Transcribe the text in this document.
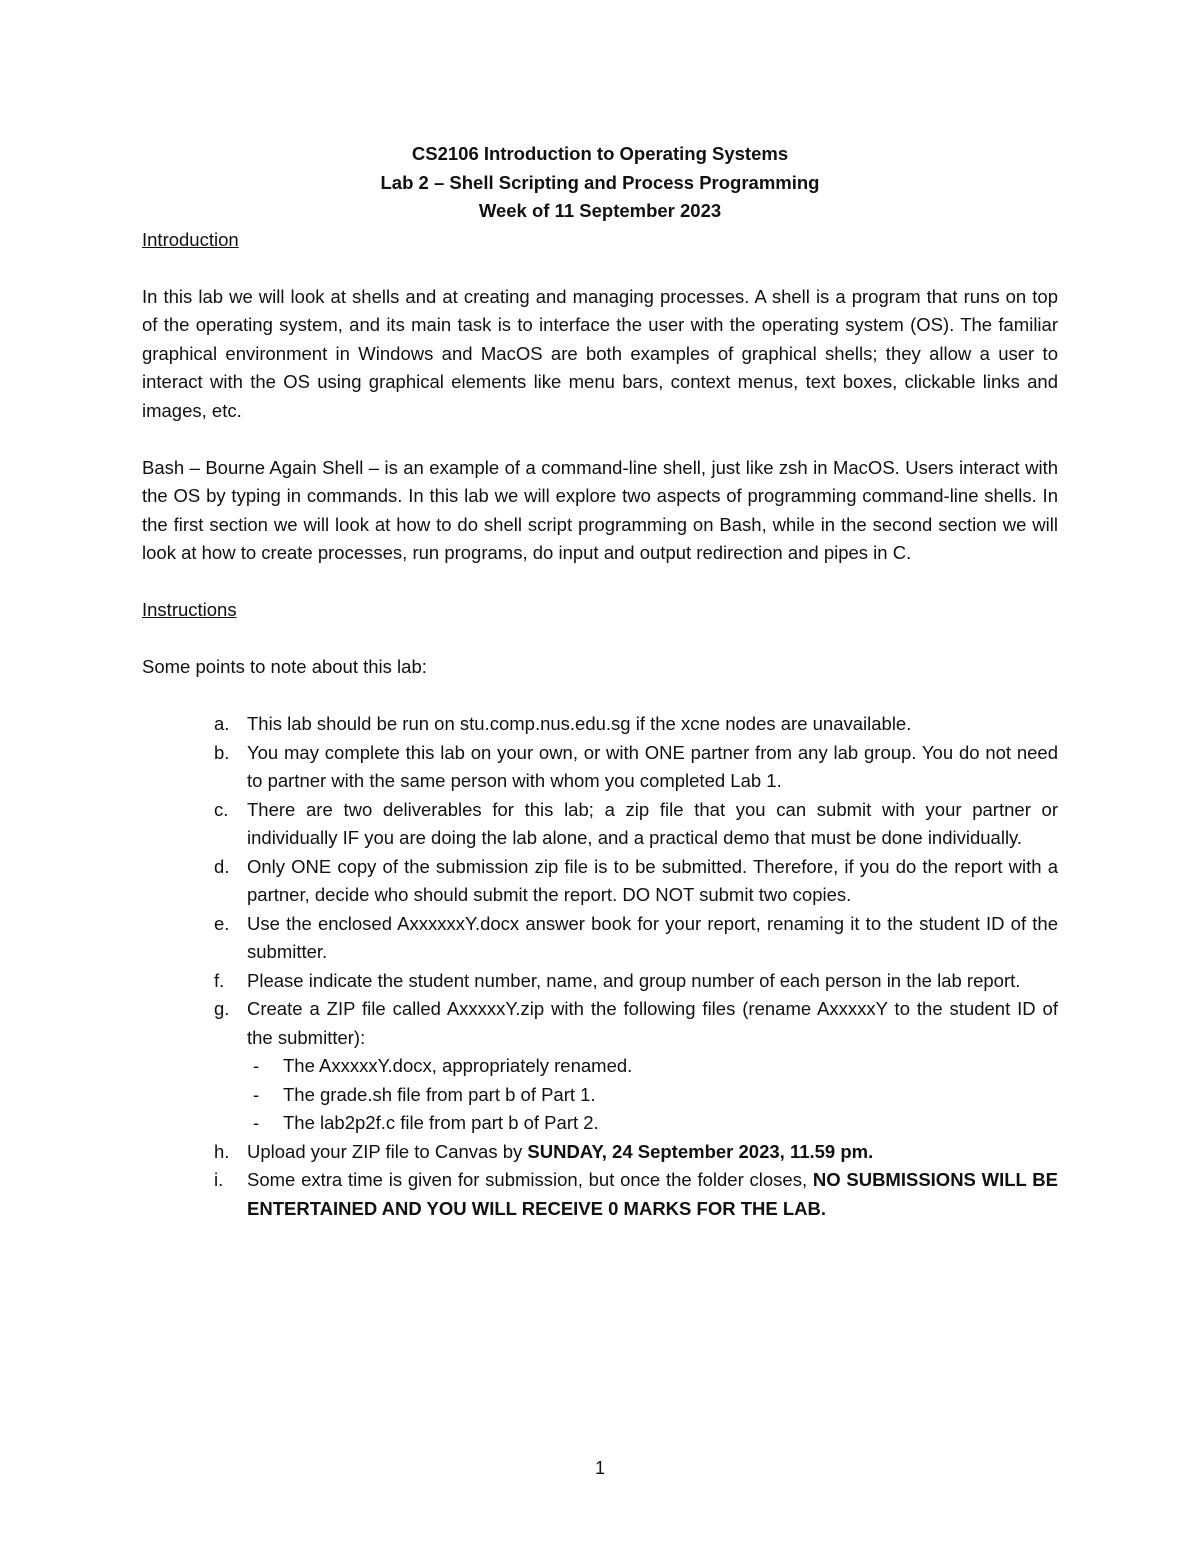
CS2106 Introduction to Operating Systems
Lab 2 – Shell Scripting and Process Programming
Week of 11 September 2023
Introduction

In this lab we will look at shells and at creating and managing processes. A shell is a program that runs on top of the operating system, and its main task is to interface the user with the operating system (OS). The familiar graphical environment in Windows and MacOS are both examples of graphical shells; they allow a user to interact with the OS using graphical elements like menu bars, context menus, text boxes, clickable links and images, etc.

Bash – Bourne Again Shell – is an example of a command-line shell, just like zsh in MacOS. Users interact with the OS by typing in commands. In this lab we will explore two aspects of programming command-line shells. In the first section we will look at how to do shell script programming on Bash, while in the second section we will look at how to create processes, run programs, do input and output redirection and pipes in C.

Instructions

Some points to note about this lab:

a. This lab should be run on stu.comp.nus.edu.sg if the xcne nodes are unavailable.
b. You may complete this lab on your own, or with ONE partner from any lab group. You do not need to partner with the same person with whom you completed Lab 1.
c. There are two deliverables for this lab; a zip file that you can submit with your partner or individually IF you are doing the lab alone, and a practical demo that must be done individually.
d. Only ONE copy of the submission zip file is to be submitted. Therefore, if you do the report with a partner, decide who should submit the report. DO NOT submit two copies.
e. Use the enclosed AxxxxxxY.docx answer book for your report, renaming it to the student ID of the submitter.
f. Please indicate the student number, name, and group number of each person in the lab report.
g. Create a ZIP file called AxxxxxY.zip with the following files (rename AxxxxxY to the student ID of the submitter):
- The AxxxxxY.docx, appropriately renamed.
- The grade.sh file from part b of Part 1.
- The lab2p2f.c file from part b of Part 2.
h. Upload your ZIP file to Canvas by SUNDAY, 24 September 2023, 11.59 pm.
i. Some extra time is given for submission, but once the folder closes, NO SUBMISSIONS WILL BE ENTERTAINED AND YOU WILL RECEIVE 0 MARKS FOR THE LAB.
1
